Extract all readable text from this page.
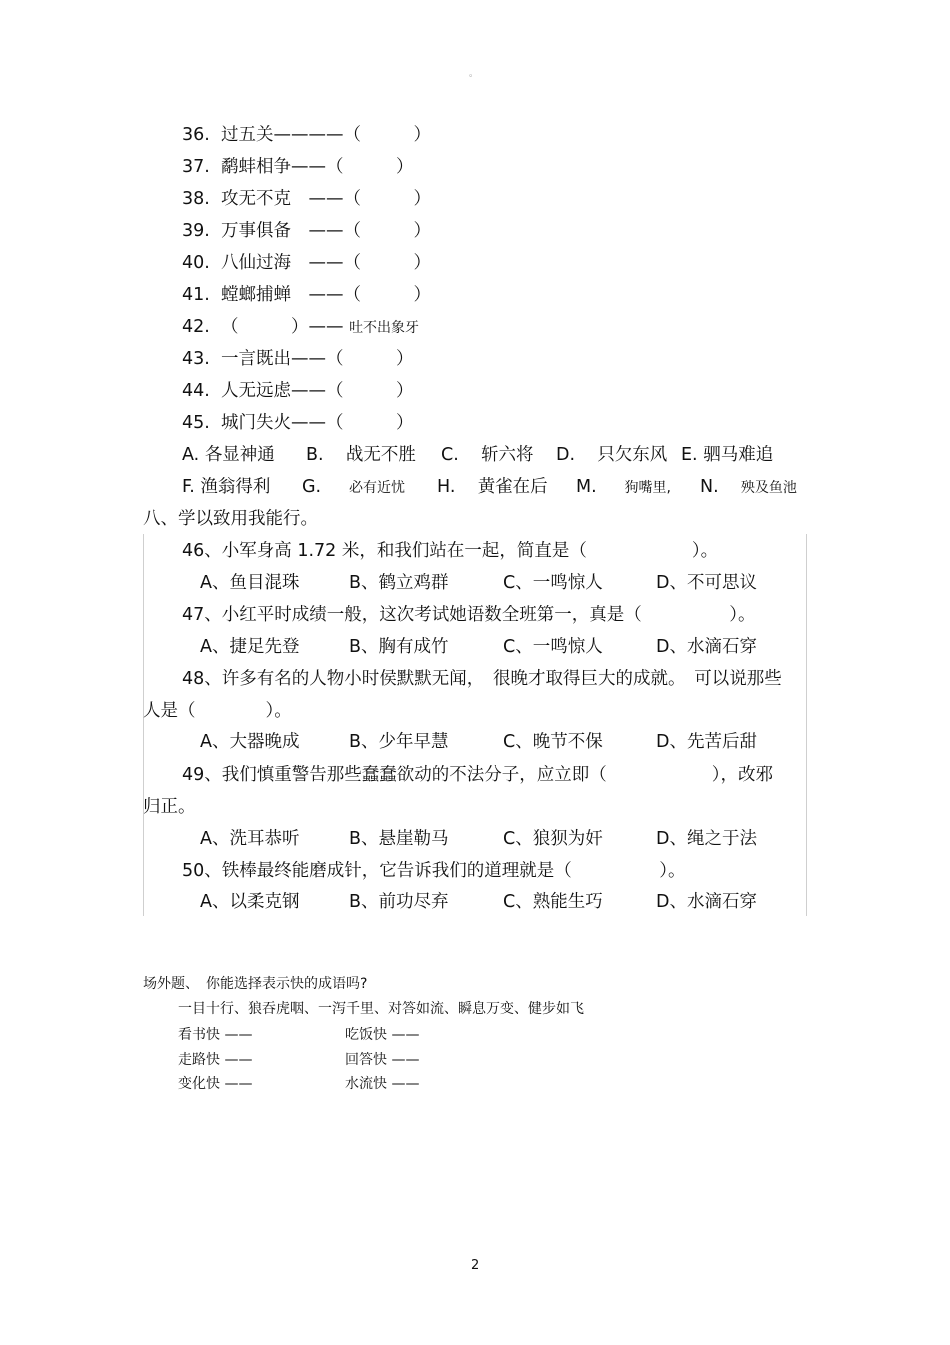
。
36. 过五关————（　　　）
37. 鹬蚌相争——（　　　）
38. 攻无不克　——（　　　）
39. 万事俱备　——（　　　）
40. 八仙过海　——（　　　）
41. 螳螂捕蝉　——（　　　）
42. （　　　）—— 吐不出象牙
43. 一言既出——（　　　）
44. 人无远虑——（　　　）
45. 城门失火——（　　　）
A. 各显神通 B. 战无不胜 C. 斩六将 D. 只欠东风 E. 驷马难追
F. 渔翁得利 G. 必有近忧 H. 黄雀在后 M. 狗嘴里, N. 殃及鱼池
八、学以致用我能行。
46、小军身高 1.72 米，和我们站在一起，简直是（　　　　　　）。
A、鱼目混珠	B、鹤立鸡群	C、一鸣惊人	D、不可思议
47、小红平时成绩一般，这次考试她语数全班第一，真是（　　　　　）。
A、捷足先登	B、胸有成竹	C、一鸣惊人	D、水滴石穿
48、许多有名的人物小时侯默默无闻，　很晚才取得巨大的成就。　可以说那些
人是（　　　　）。
A、大器晚成	B、少年早慧	C、晚节不保	D、先苦后甜
49、我们慎重警告那些蠢蠢欲动的不法分子，应立即（　　　　　　），改邪
归正。
A、洗耳恭听	B、悬崖勒马	C、狼狈为奸	D、绳之于法
50、铁棒最终能磨成针，它告诉我们的道理就是（　　　　　）。
A、以柔克钢	B、前功尽弃	C、熟能生巧	D、水滴石穿
场外题、　你能选择表示快的成语吗?
一目十行、狼吞虎咽、一泻千里、对答如流、瞬息万变、健步如飞
看书快 ——	吃饭快 ——
走路快 ——	回答快 ——
变化快 ——	水流快 ——
2
